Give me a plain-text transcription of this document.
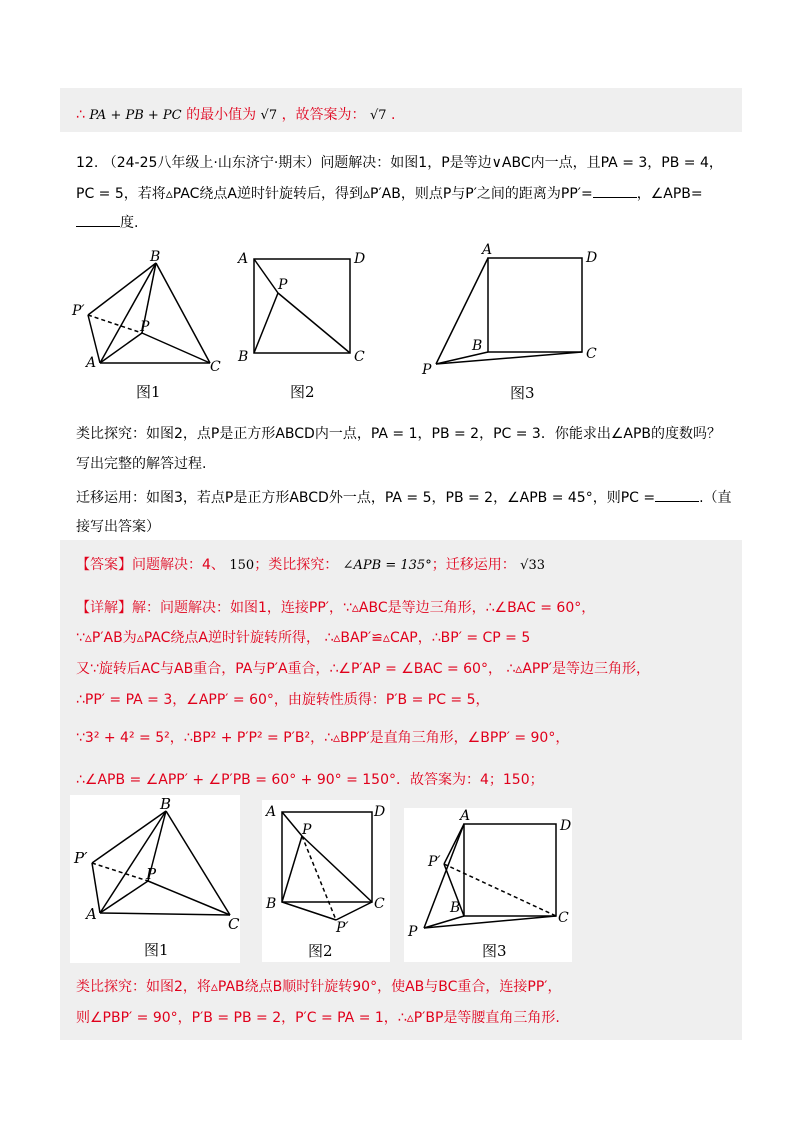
∴ PA + PB + PC 的最小值为 √7 ，故答案为： √7 .
12. （24-25八年级上·山东济宁·期末）问题解决：如图1，P是等边∨ABC内一点，且PA = 3，PB = 4，
PC = 5，若将▵PAC绕点A逆时针旋转后，得到▵P′AB，则点P与P′之间的距离为PP′=	，∠APB=
度.
B
P′
P
A	C
图1
A	D
P
B	C
图2
A	D
B	C
P
图3
类比探究：如图2，点P是正方形ABCD内一点，PA = 1，PB = 2，PC = 3．你能求出∠APB的度数吗？
写出完整的解答过程.
迁移运用：如图3，若点P是正方形ABCD外一点，PA = 5，PB = 2，∠APB = 45°，则PC =	.（直
接写出答案）
【答案】问题解决：4、 150；类比探究： ∠APB = 135°；迁移运用： √33
【详解】解：问题解决：如图1，连接PP′，∵▵ABC是等边三角形，∴∠BAC = 60°，
∵▵P′AB为▵PAC绕点A逆时针旋转所得， ∴▵BAP′≌▵CAP，∴BP′ = CP = 5
又∵旋转后AC与AB重合，PA与P′A重合，∴∠P′AP = ∠BAC = 60°， ∴▵APP′是等边三角形，
∴PP′ = PA = 3，∠APP′ = 60°，由旋转性质得：P′B = PC = 5，
∵3² + 4² = 5²，∴BP² + P′P² = P′B²，∴▵BPP′是直角三角形，∠BPP′ = 90°，
∴∠APB = ∠APP′ + ∠P′PB = 60° + 90° = 150°．故答案为：4；150；
B
P′
P
A
C
图1
A	D
P
B	C
P′
图2
A
D
P′
B
C
P
图3
类比探究：如图2，将▵PAB绕点B顺时针旋转90°，使AB与BC重合，连接PP′，
则∠PBP′ = 90°，P′B = PB = 2，P′C = PA = 1，∴▵P′BP是等腰直角三角形.
